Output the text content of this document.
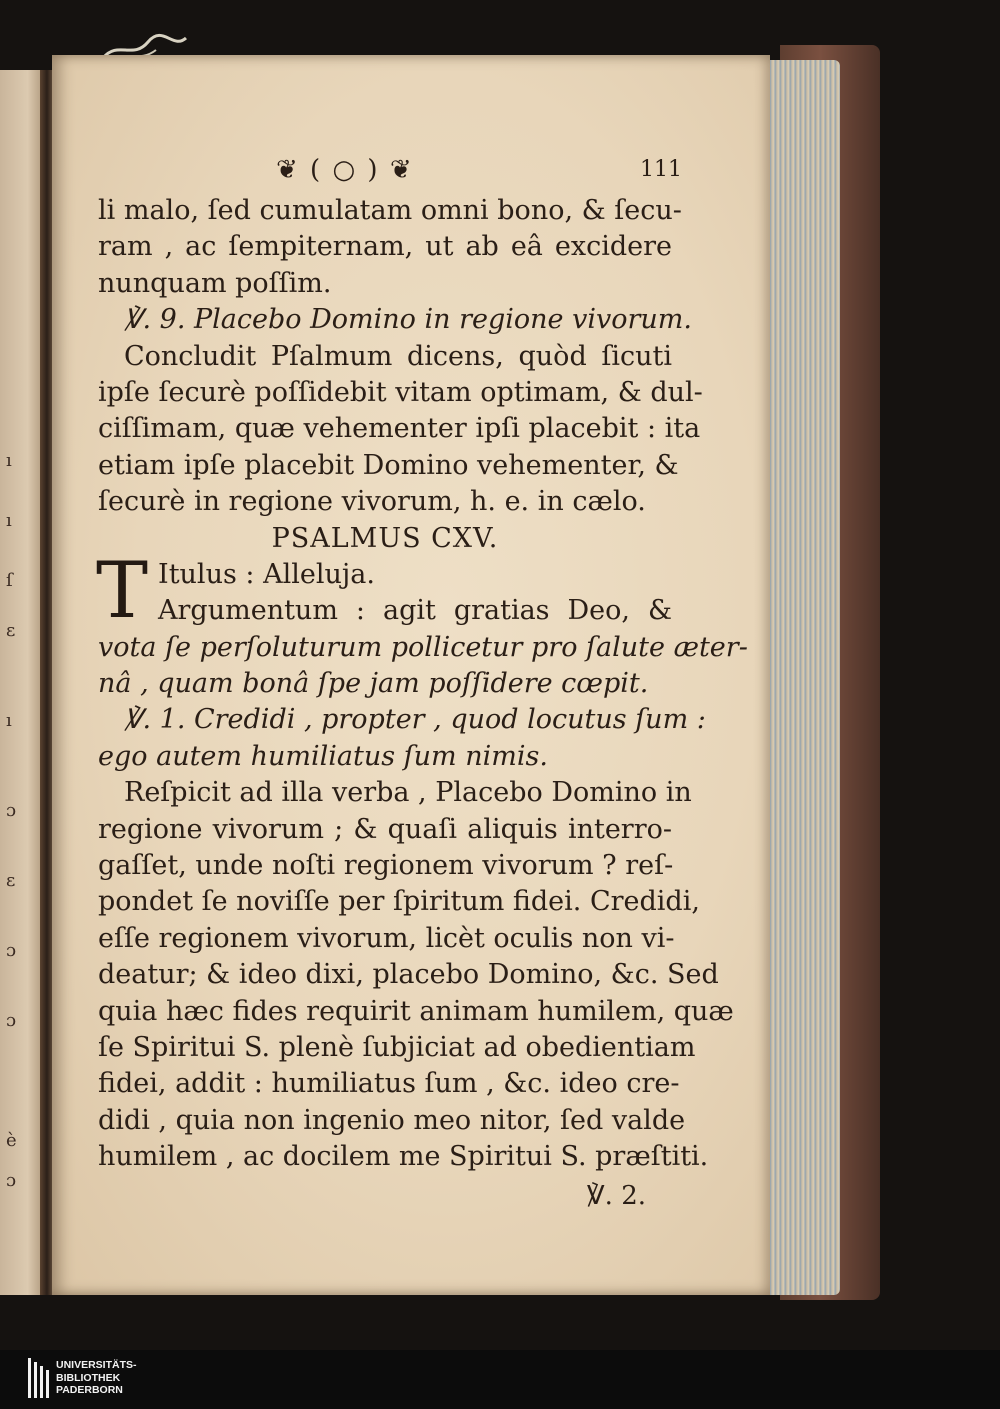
ı
ı
ſ
ɛ
ı
ɔ
ɛ
ɔ
ɔ
è
ɔ
❦ ( ○ ) ❦	111
li malo, ſed cumulatam omni bono, & ſecu-
ram , ac ſempiternam, ut ab eâ excidere
nunquam poſſim.
℣. 9. Placebo Domino in regione vivorum.
Concludit Pſalmum dicens, quòd ſicuti
ipſe ſecurè poſſidebit vitam optimam, & dul-
ciſſimam, quæ vehementer ipſi placebit : ita
etiam ipſe placebit Domino vehementer, &
ſecurè in regione vivorum, h. e. in cælo.
PSALMUS CXV.
T Itulus : Alleluja.
Argumentum : agit gratias Deo, &
vota ſe perſoluturum pollicetur pro ſalute æter-
nâ , quam bonâ ſpe jam poſſidere cœpit.
℣. 1. Credidi , propter , quod locutus ſum :
ego autem humiliatus ſum nimis.
Reſpicit ad illa verba , Placebo Domino in
regione vivorum ; & quaſi aliquis interro-
gaſſet, unde noſti regionem vivorum ? reſ-
pondet ſe noviſſe per ſpiritum fidei. Credidi,
eſſe regionem vivorum, licèt oculis non vi-
deatur; & ideo dixi, placebo Domino, &c. Sed
quia hæc fides requirit animam humilem, quæ
ſe Spiritui S. plenè ſubjiciat ad obedientiam
fidei, addit : humiliatus ſum , &c. ideo cre-
didi , quia non ingenio meo nitor, ſed valde
humilem , ac docilem me Spiritui S. præſtiti.
℣. 2.
UNIVERSITÄTS-
BIBLIOTHEK
PADERBORN
